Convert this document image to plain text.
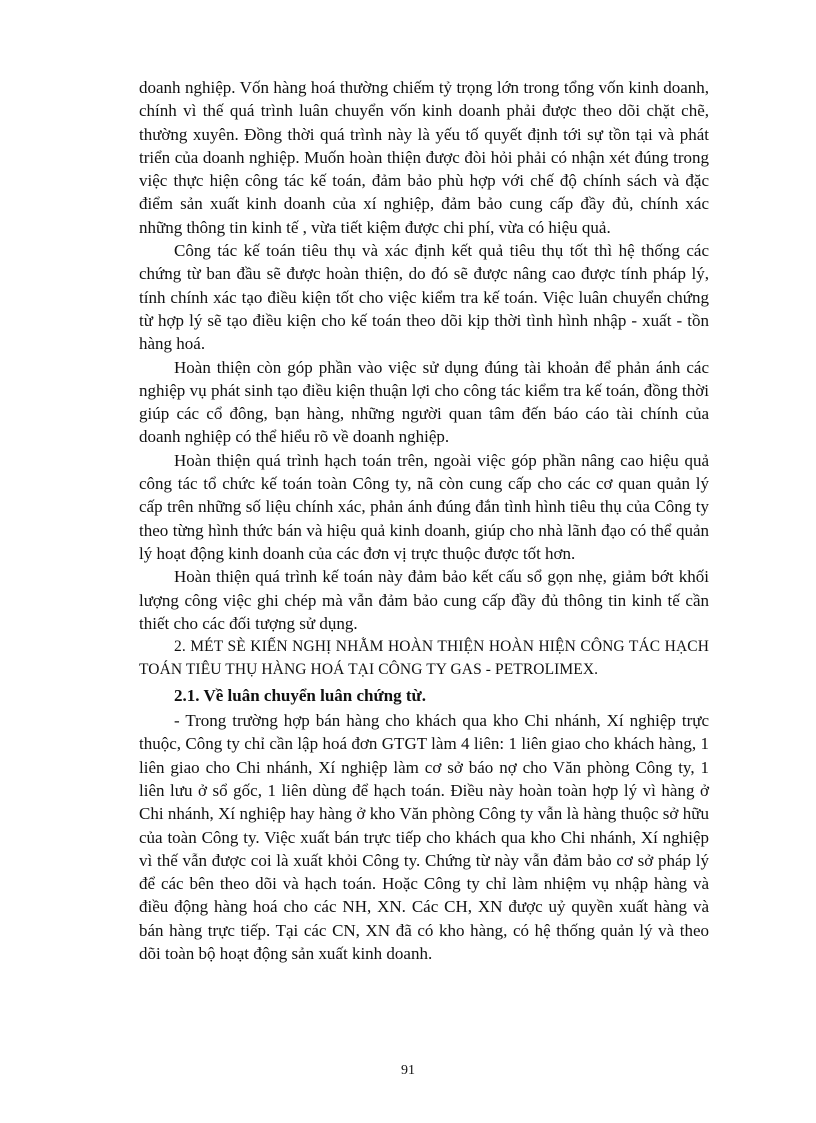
doanh nghiệp. Vốn hàng hoá thường chiếm tỷ trọng lớn trong tổng vốn kinh doanh, chính vì thế quá trình luân chuyển vốn kinh doanh phải được theo dõi chặt chẽ, thường xuyên. Đồng thời quá trình này là yếu tố quyết định tới sự tồn tại và phát triển của doanh nghiệp. Muốn hoàn thiện được đòi hỏi phải có nhận xét đúng trong việc thực hiện công tác kế toán, đảm bảo phù hợp với chế độ chính sách và đặc điểm sản xuất kinh doanh của xí nghiệp, đảm bảo cung cấp đầy đủ, chính xác những thông tin kinh tế , vừa tiết kiệm được chi phí, vừa có hiệu quả.

Công tác kế toán tiêu thụ và xác định kết quả tiêu thụ tốt thì hệ thống các chứng từ ban đầu sẽ được hoàn thiện, do đó sẽ được nâng cao được tính pháp lý, tính chính xác tạo điều kiện tốt cho việc kiểm tra kế toán. Việc luân chuyển chứng từ hợp lý sẽ tạo điều kiện cho kế toán theo dõi kịp thời tình hình nhập - xuất - tồn hàng hoá.

Hoàn thiện còn góp phần vào việc sử dụng đúng tài khoản để phản ánh các nghiệp vụ phát sinh tạo điều kiện thuận lợi cho công tác kiểm tra kế toán, đồng thời giúp các cổ đông, bạn hàng, những người quan tâm đến báo cáo tài chính của doanh nghiệp có thể hiểu rõ về doanh nghiệp.

Hoàn thiện quá trình hạch toán trên, ngoài việc góp phần nâng cao hiệu quả công tác tổ chức kế toán toàn Công ty, nã còn cung cấp cho các cơ quan quản lý cấp trên những số liệu chính xác, phản ánh đúng đắn tình hình tiêu thụ của Công ty theo từng hình thức bán và hiệu quả kinh doanh, giúp cho nhà lãnh đạo có thể quản lý hoạt động kinh doanh của các đơn vị trực thuộc được tốt hơn.

Hoàn thiện quá trình kế toán này đảm bảo kết cấu sổ gọn nhẹ, giảm bớt khối lượng công việc ghi chép mà vẫn đảm bảo cung cấp đầy đủ thông tin kinh tế cần thiết cho các đối tượng sử dụng.

2. MÉT SÈ KIẾN NGHỊ NHẰM HOÀN THIỆN HOÀN HIỆN CÔNG TÁC HẠCH TOÁN TIÊU THỤ HÀNG HOÁ TẠI CÔNG TY GAS - PETROLIMEX.

2.1. Về luân chuyển luân chứng từ.

- Trong trường hợp bán hàng cho khách qua kho Chi nhánh, Xí nghiệp trực thuộc, Công ty chỉ cần lập hoá đơn GTGT làm 4 liên: 1 liên giao cho khách hàng, 1 liên giao cho Chi nhánh, Xí nghiệp làm cơ sở báo nợ cho Văn phòng Công ty, 1 liên lưu ở sổ gốc, 1 liên dùng để hạch toán. Điều này hoàn toàn hợp lý vì hàng ở Chi nhánh, Xí nghiệp hay hàng ở kho Văn phòng Công ty vẫn là hàng thuộc sở hữu của toàn Công ty. Việc xuất bán trực tiếp cho khách qua kho Chi nhánh, Xí nghiệp vì thế vẫn được coi là xuất khỏi Công ty. Chứng từ này vẫn đảm bảo cơ sở pháp lý để các bên theo dõi và hạch toán. Hoặc Công ty chỉ làm nhiệm vụ nhập hàng và điều động hàng hoá cho các NH, XN. Các CH, XN được uỷ quyền xuất hàng và bán hàng trực tiếp. Tại các CN, XN đã có kho hàng, có hệ thống quản lý và theo dõi toàn bộ hoạt động sản xuất kinh doanh.

91
